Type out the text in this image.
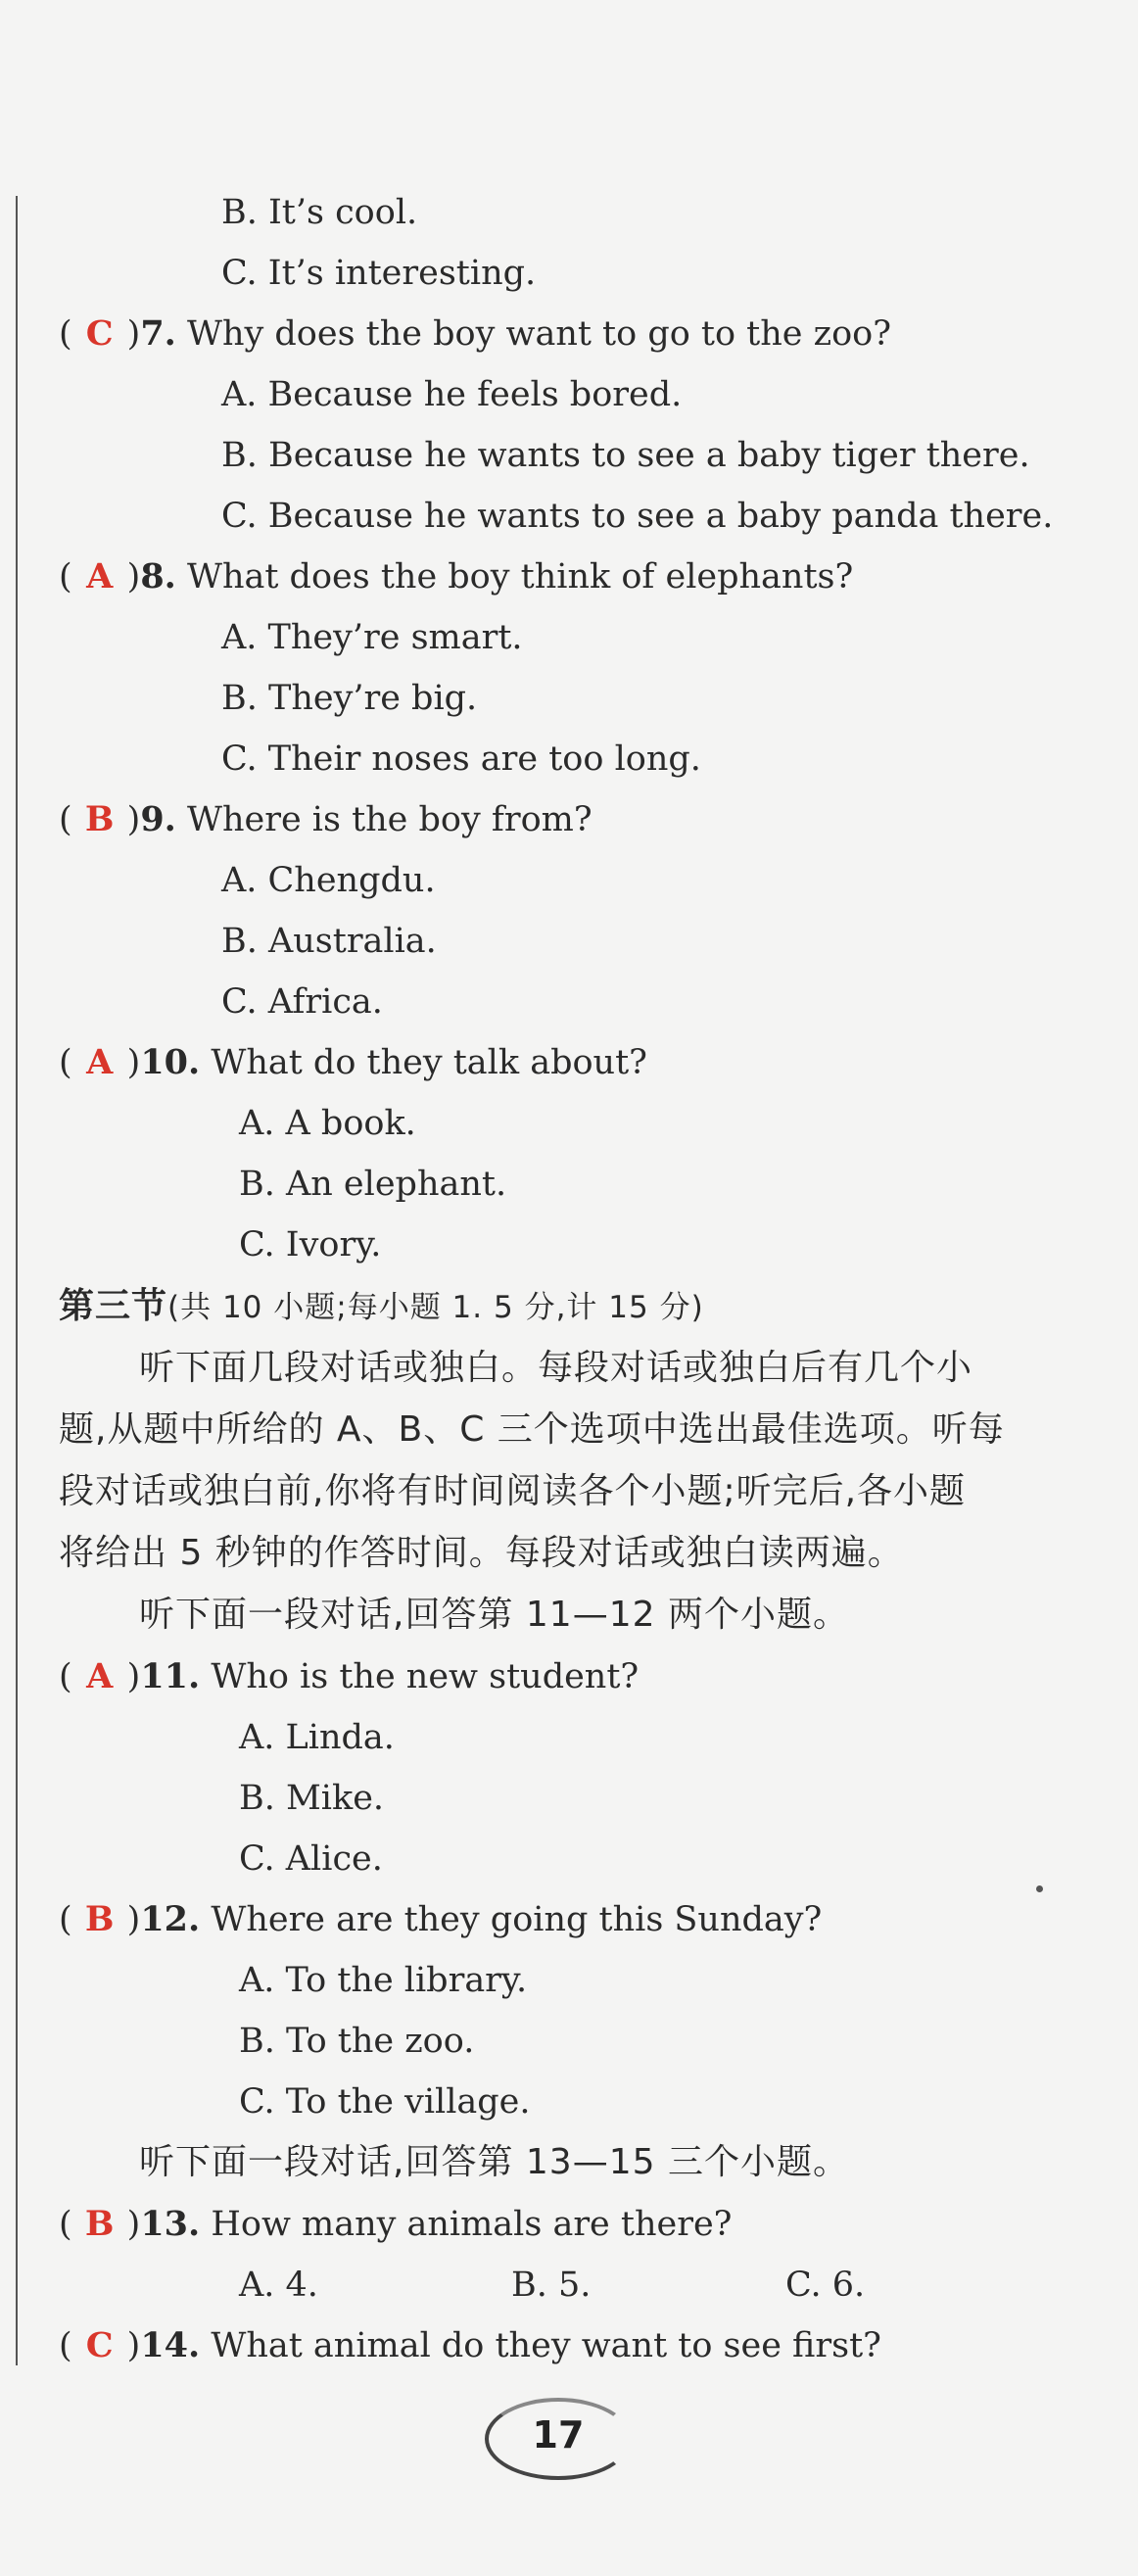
B. It’s cool.
C. It’s interesting.
( C )7. Why does the boy want to go to the zoo?
A. Because he feels bored.
B. Because he wants to see a baby tiger there.
C. Because he wants to see a baby panda there.
( A )8. What does the boy think of elephants?
A. They’re smart.
B. They’re big.
C. Their noses are too long.
( B )9. Where is the boy from?
A. Chengdu.
B. Australia.
C. Africa.
( A )10. What do they talk about?
A. A book.
B. An elephant.
C. Ivory.
第三节(共 10 小题;每小题 1. 5 分,计 15 分)
听下面几段对话或独白。每段对话或独白后有几个小
题,从题中所给的 A、B、C 三个选项中选出最佳选项。听每
段对话或独白前,你将有时间阅读各个小题;听完后,各小题
将给出 5 秒钟的作答时间。每段对话或独白读两遍。
听下面一段对话,回答第 11—12 两个小题。
( A )11. Who is the new student?
A. Linda.
B. Mike.
C. Alice.
( B )12. Where are they going this Sunday?
A. To the library.
B. To the zoo.
C. To the village.
听下面一段对话,回答第 13—15 三个小题。
( B )13. How many animals are there?
A. 4.	B. 5.	C. 6.
( C )14. What animal do they want to see first?
17
